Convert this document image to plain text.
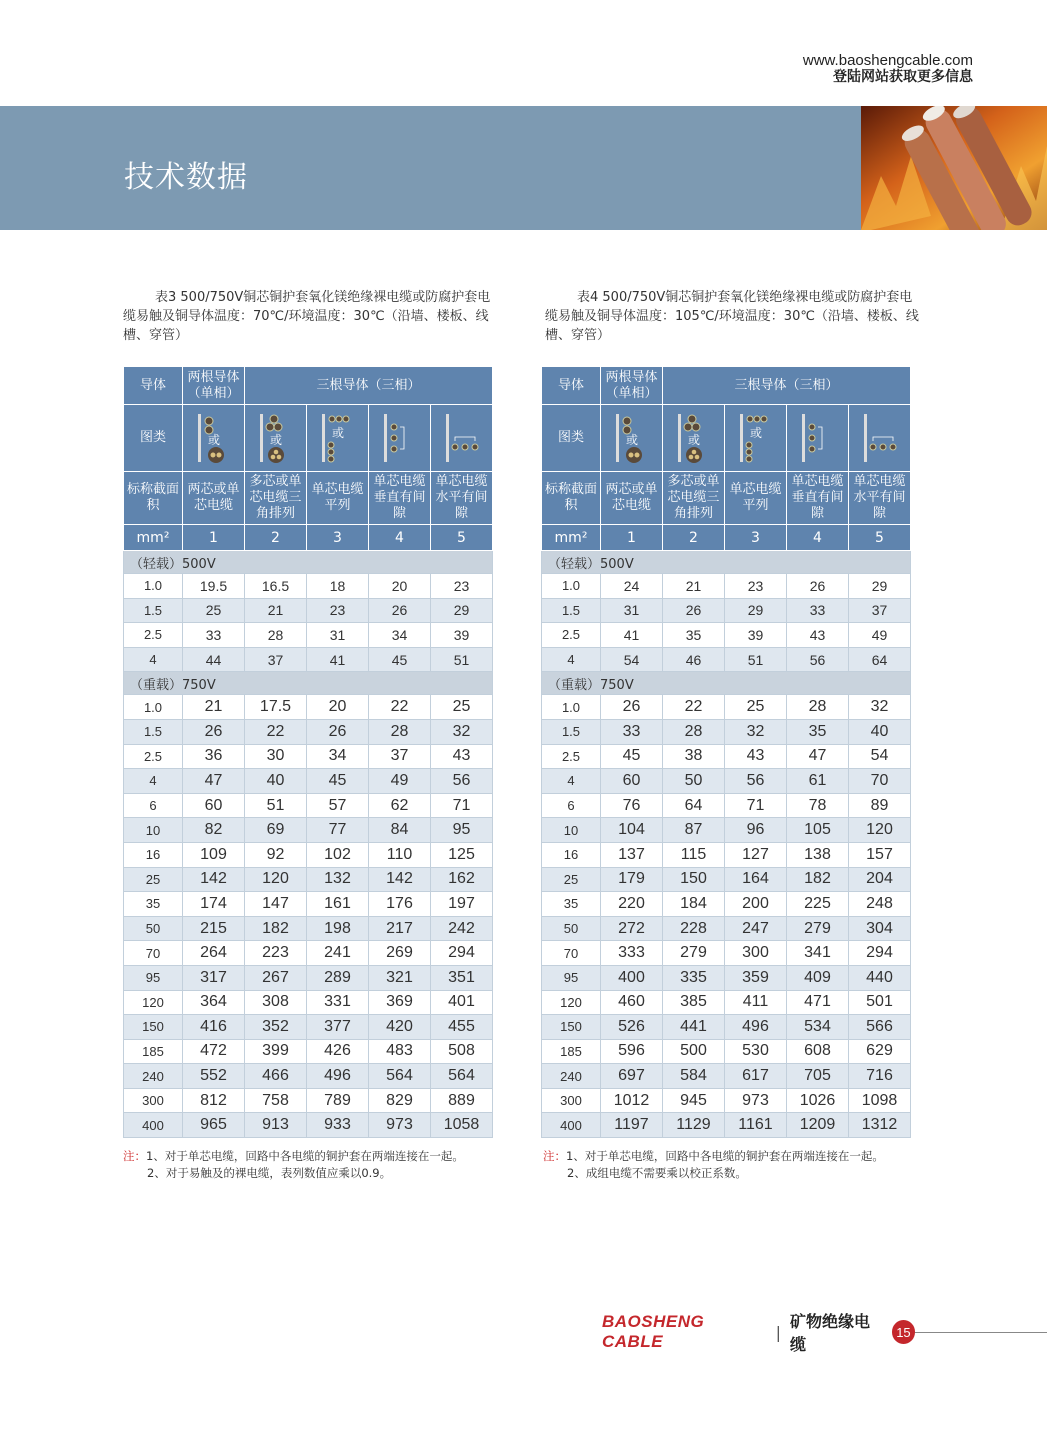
www.baoshengcable.com
登陆网站获取更多信息
技术数据
表3 500/750V铜芯铜护套氧化镁绝缘裸电缆或防腐护套电缆易触及铜导体温度：70℃/环境温度：30℃（沿墙、楼板、线槽、穿管）
导体	两根导体（单相）	三根导体（三相）			
图类	或	或	或

标称截面积	两芯或单芯电缆	多芯或单芯电缆三角排列	单芯电缆平列	单芯电缆垂直有间隙	单芯电缆水平有间隙
mm²	1	2	3	4	5
（轻载）500V					
1.0	19.5	16.5	18	20	23
1.5	25	21	23	26	29
2.5	33	28	31	34	39
4	44	37	41	45	51
（重载）750V					
1.0	21	17.5	20	22	25
1.5	26	22	26	28	32
2.5	36	30	34	37	43
4	47	40	45	49	56
6	60	51	57	62	71
10	82	69	77	84	95
16	109	92	102	110	125
25	142	120	132	142	162
35	174	147	161	176	197
50	215	182	198	217	242
70	264	223	241	269	294
95	317	267	289	321	351
120	364	308	331	369	401
150	416	352	377	420	455
185	472	399	426	483	508
240	552	466	496	564	564
300	812	758	789	829	889
400	965	913	933	973	1058
注：1、对于单芯电缆，回路中各电缆的铜护套在两端连接在一起。
2、对于易触及的裸电缆，表列数值应乘以0.9。
表4 500/750V铜芯铜护套氧化镁绝缘裸电缆或防腐护套电缆易触及铜导体温度：105℃/环境温度：30℃（沿墙、楼板、线槽、穿管）
导体	两根导体（单相）	三根导体（三相）			
图类	或	或	或

标称截面积	两芯或单芯电缆	多芯或单芯电缆三角排列	单芯电缆平列	单芯电缆垂直有间隙	单芯电缆水平有间隙
mm²	1	2	3	4	5
（轻载）500V					
1.0	24	21	23	26	29
1.5	31	26	29	33	37
2.5	41	35	39	43	49
4	54	46	51	56	64
（重载）750V					
1.0	26	22	25	28	32
1.5	33	28	32	35	40
2.5	45	38	43	47	54
4	60	50	56	61	70
6	76	64	71	78	89
10	104	87	96	105	120
16	137	115	127	138	157
25	179	150	164	182	204
35	220	184	200	225	248
50	272	228	247	279	304
70	333	279	300	341	294
95	400	335	359	409	440
120	460	385	411	471	501
150	526	441	496	534	566
185	596	500	530	608	629
240	697	584	617	705	716
300	1012	945	973	1026	1098
400	1197	1129	1161	1209	1312
注：1、对于单芯电缆，回路中各电缆的铜护套在两端连接在一起。
2、成组电缆不需要乘以校正系数。
BAOSHENG CABLE	|
矿物绝缘电缆
15
